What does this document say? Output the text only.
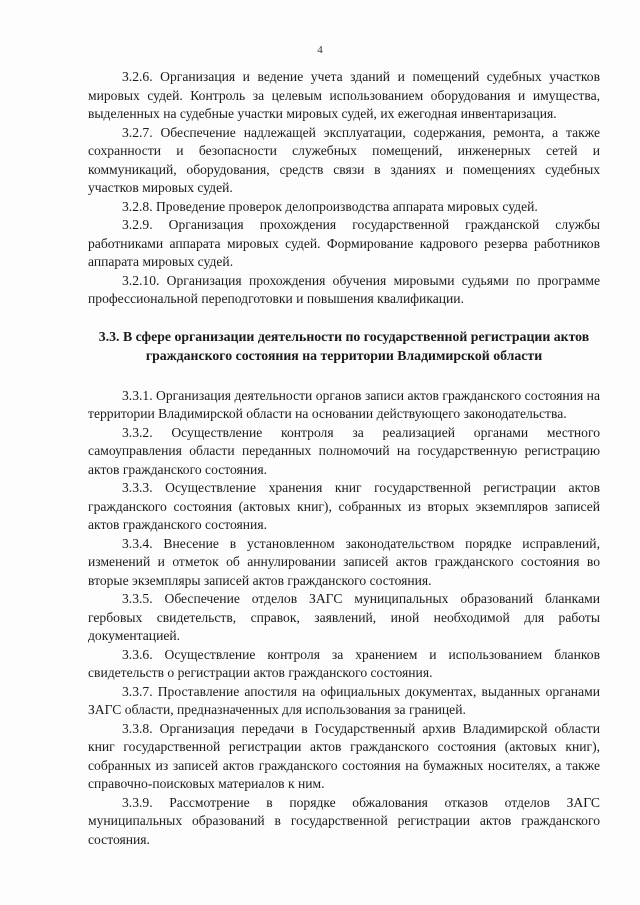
4

3.2.6. Организация и ведение учета зданий и помещений судебных участков мировых судей. Контроль за целевым использованием оборудования и имущества, выделенных на судебные участки мировых судей, их ежегодная инвентаризация.

3.2.7. Обеспечение надлежащей эксплуатации, содержания, ремонта, а также сохранности и безопасности служебных помещений, инженерных сетей и коммуникаций, оборудования, средств связи в зданиях и помещениях судебных участков мировых судей.

3.2.8. Проведение проверок делопроизводства аппарата мировых судей.

3.2.9. Организация прохождения государственной гражданской службы работниками аппарата мировых судей. Формирование кадрового резерва работников аппарата мировых судей.

3.2.10. Организация прохождения обучения мировыми судьями по программе профессиональной переподготовки и повышения квалификации.

3.3. В сфере организации деятельности по государственной регистрации актов гражданского состояния на территории Владимирской области

3.3.1. Организация деятельности органов записи актов гражданского состояния на территории Владимирской области на основании действующего законодательства.

3.3.2. Осуществление контроля за реализацией органами местного самоуправления области переданных полномочий на государственную регистрацию актов гражданского состояния.

3.3.3. Осуществление хранения книг государственной регистрации актов гражданского состояния (актовых книг), собранных из вторых экземпляров записей актов гражданского состояния.

3.3.4. Внесение в установленном законодательством порядке исправлений, изменений и отметок об аннулировании записей актов гражданского состояния во вторые экземпляры записей актов гражданского состояния.

3.3.5. Обеспечение отделов ЗАГС муниципальных образований бланками гербовых свидетельств, справок, заявлений, иной необходимой для работы документацией.

3.3.6. Осуществление контроля за хранением и использованием бланков свидетельств о регистрации актов гражданского состояния.

3.3.7. Проставление апостиля на официальных документах, выданных органами ЗАГС области, предназначенных для использования за границей.

3.3.8. Организация передачи в Государственный архив Владимирской области книг государственной регистрации актов гражданского состояния (актовых книг), собранных из записей актов гражданского состояния на бумажных носителях, а также справочно-поисковых материалов к ним.

3.3.9. Рассмотрение в порядке обжалования отказов отделов ЗАГС муниципальных образований в государственной регистрации актов гражданского состояния.
